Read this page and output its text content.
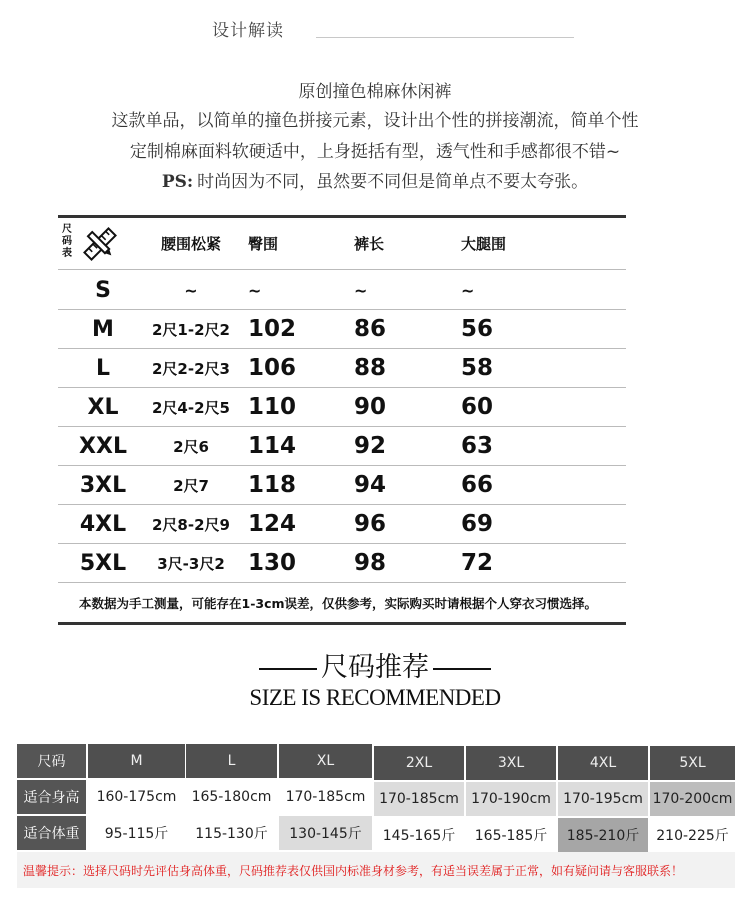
设计解读
原创撞色棉麻休闲裤
这款单品，以简单的撞色拼接元素，设计出个性的拼接潮流，简单个性
定制棉麻面料软硬适中，上身挺括有型，透气性和手感都很不错~
PS: 时尚因为不同，虽然要不同但是简单点不要太夸张。
尺码表
腰围松紧	臀围	裤长	大腿围
S	~	~	~	~
M	2尺1-2尺2 102	86	56
L	2尺2-2尺3 106	88	58
XL	2尺4-2尺5 110	90	60
XXL	2尺6	114	92	63
3XL	2尺7	118	94	66
4XL	2尺8-2尺9 124	96	69
5XL	3尺-3尺2	130	98	72
本数据为手工测量，可能存在1-3cm误差，仅供参考，实际购买时请根据个人穿衣习惯选择。
尺码推荐
SIZE IS RECOMMENDED
尺码	M	L	XL	2XL	3XL	4XL	5XL
适合身高	160-175cm	165-180cm	170-185cm 170-185cm 170-190cm 170-195cm 170-200cm
适合体重	95-115斤	115-130斤	130-145斤	145-165斤	165-185斤	185-210斤	210-225斤
温馨提示：选择尺码时先评估身高体重，尺码推荐表仅供国内标准身材参考，有适当误差属于正常，如有疑问请与客服联系！
